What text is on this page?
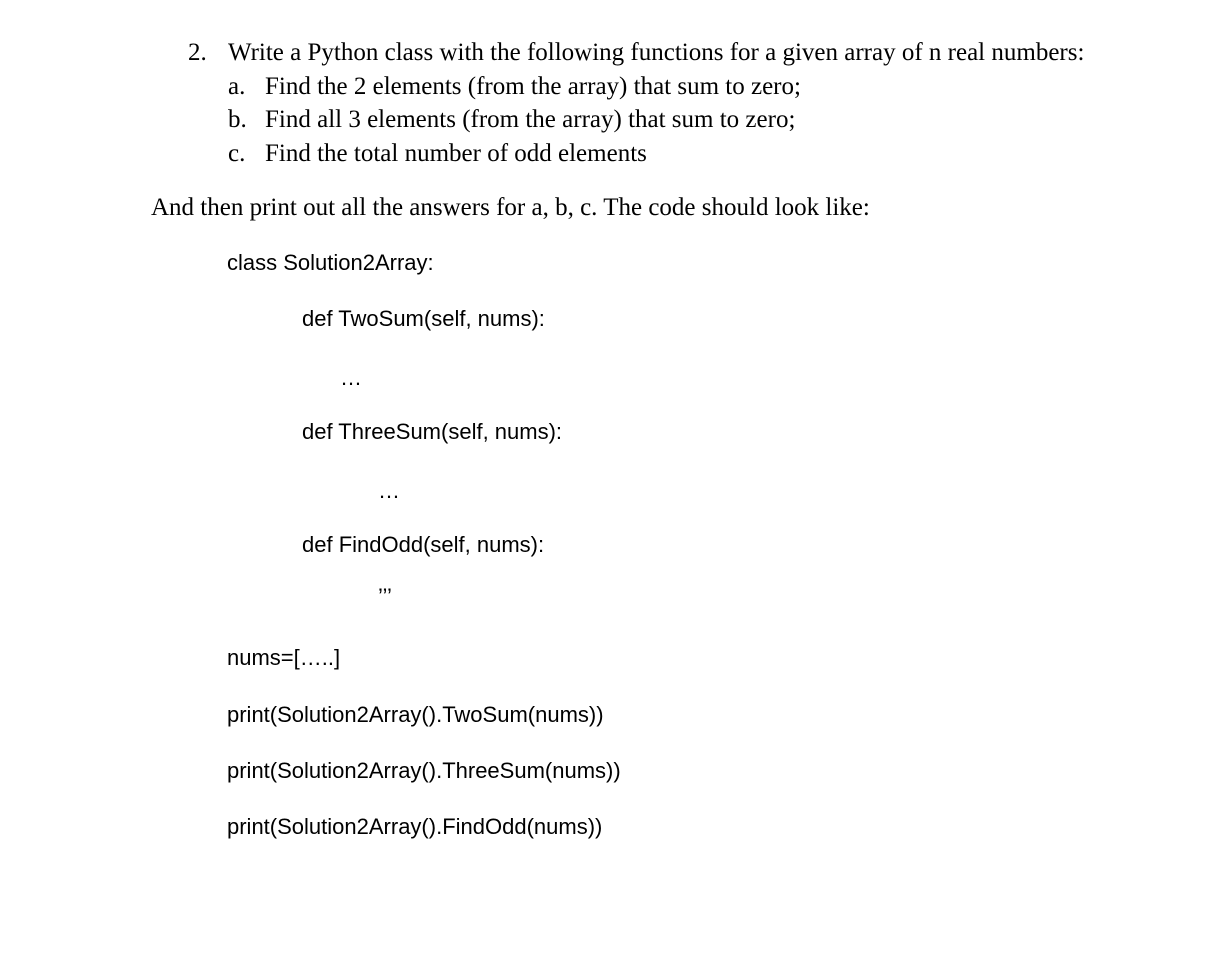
2. Write a Python class with the following functions for a given array of n real numbers:
a. Find the 2 elements (from the array) that sum to zero;
b. Find all 3 elements (from the array) that sum to zero;
c. Find the total number of odd elements
And then print out all the answers for a, b, c. The code should look like:
class Solution2Array:
def TwoSum(self, nums):
…
def ThreeSum(self, nums):
…
def FindOdd(self, nums):
’’’
nums=[…..]
print(Solution2Array().TwoSum(nums))
print(Solution2Array().ThreeSum(nums))
print(Solution2Array().FindOdd(nums))
